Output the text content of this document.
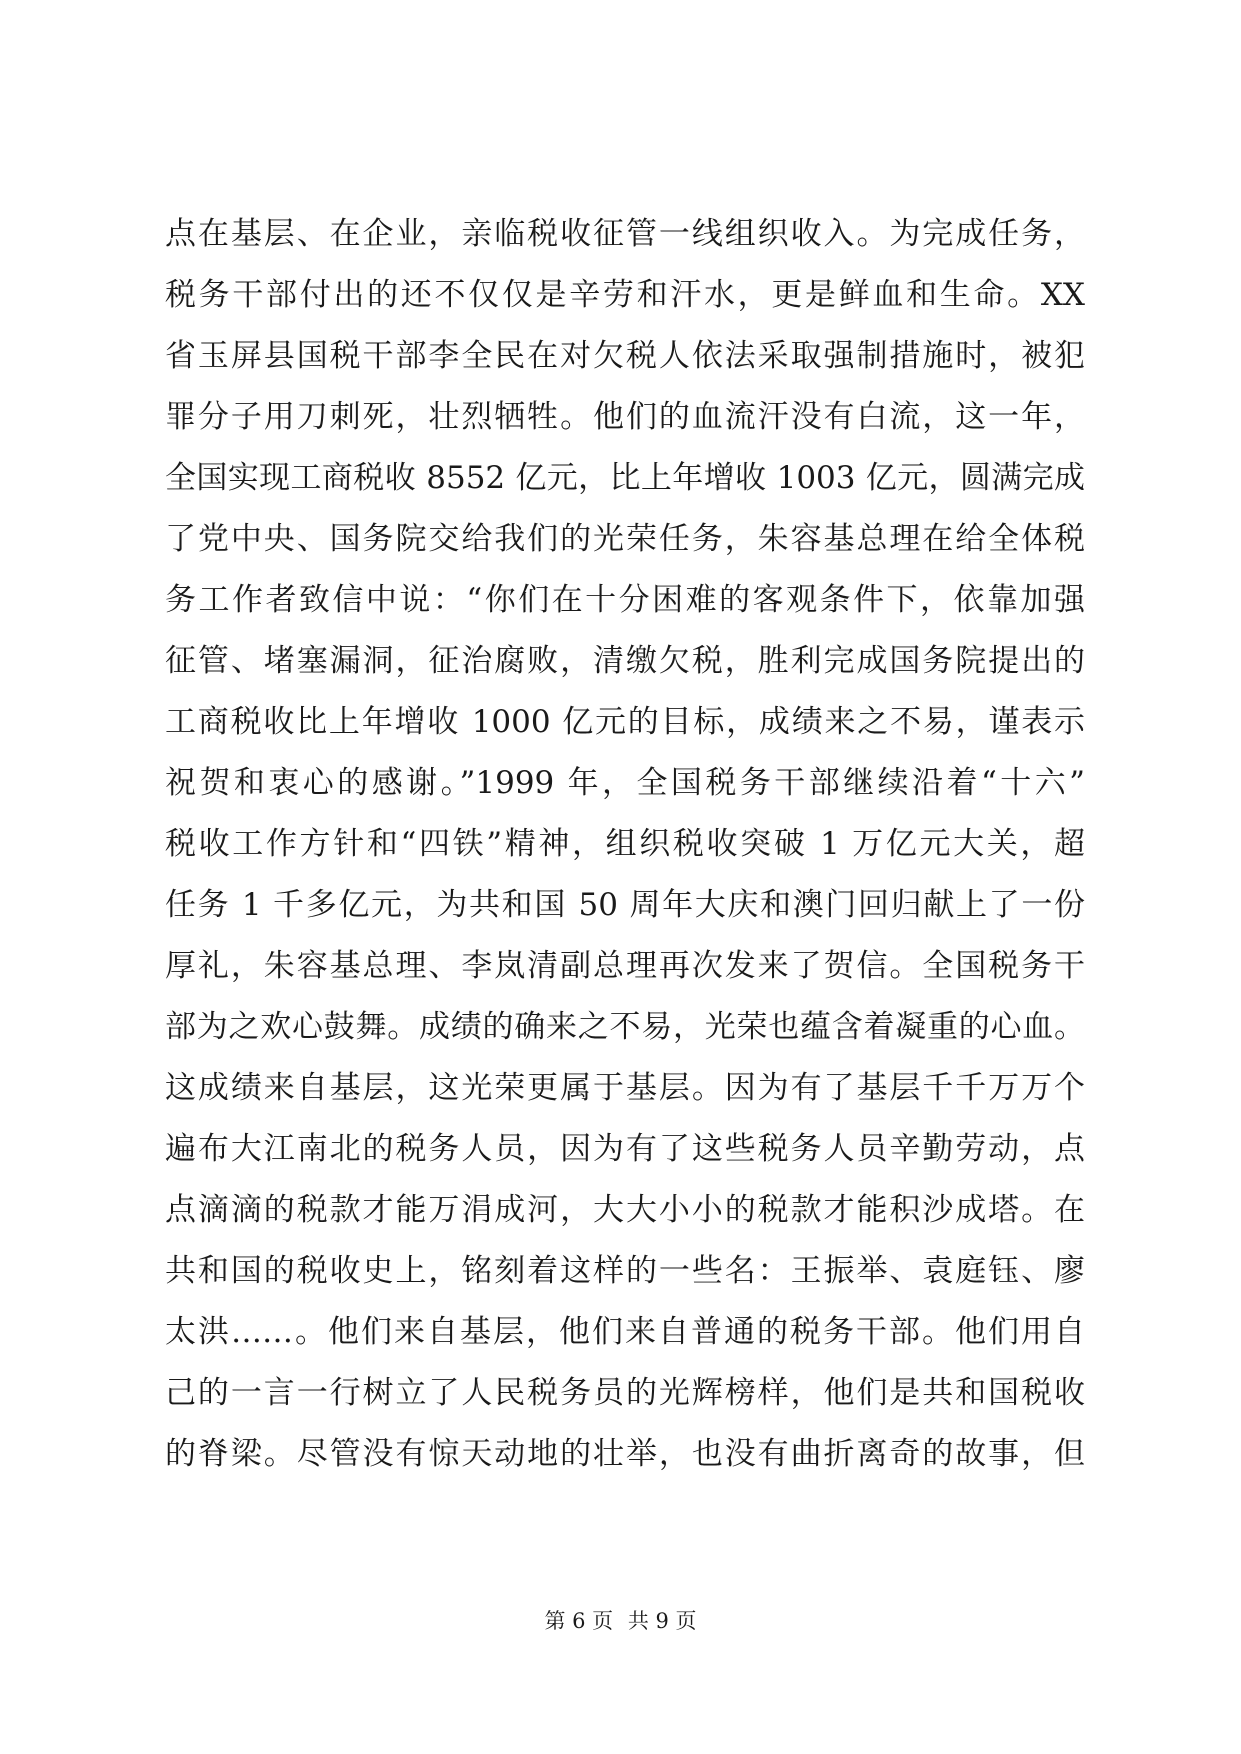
点在基层、在企业，亲临税收征管一线组织收入。为完成任务，
税务干部付出的还不仅仅是辛劳和汗水，更是鲜血和生命。XX
省玉屏县国税干部李全民在对欠税人依法采取强制措施时，被犯
罪分子用刀刺死，壮烈牺牲。他们的血流汗没有白流，这一年，
全国实现工商税收 8552 亿元，比上年增收 1003 亿元，圆满完成
了党中央、国务院交给我们的光荣任务，朱容基总理在给全体税
务工作者致信中说：“你们在十分困难的客观条件下，依靠加强
征管、堵塞漏洞，征治腐败，清缴欠税，胜利完成国务院提出的
工商税收比上年增收 1000 亿元的目标，成绩来之不易，谨表示
祝贺和衷心的感谢。”1999 年，全国税务干部继续沿着“十六”
税收工作方针和“四铁”精神，组织税收突破 1 万亿元大关，超
任务 1 千多亿元，为共和国 50 周年大庆和澳门回归献上了一份
厚礼，朱容基总理、李岚清副总理再次发来了贺信。全国税务干
部为之欢心鼓舞。成绩的确来之不易，光荣也蕴含着凝重的心血。
这成绩来自基层，这光荣更属于基层。因为有了基层千千万万个
遍布大江南北的税务人员，因为有了这些税务人员辛勤劳动，点
点滴滴的税款才能万涓成河，大大小小的税款才能积沙成塔。在
共和国的税收史上，铭刻着这样的一些名：王振举、袁庭钰、廖
太洪……。他们来自基层，他们来自普通的税务干部。他们用自
己的一言一行树立了人民税务员的光辉榜样，他们是共和国税收
的脊梁。尽管没有惊天动地的壮举，也没有曲折离奇的故事，但
第 6 页 共 9 页
